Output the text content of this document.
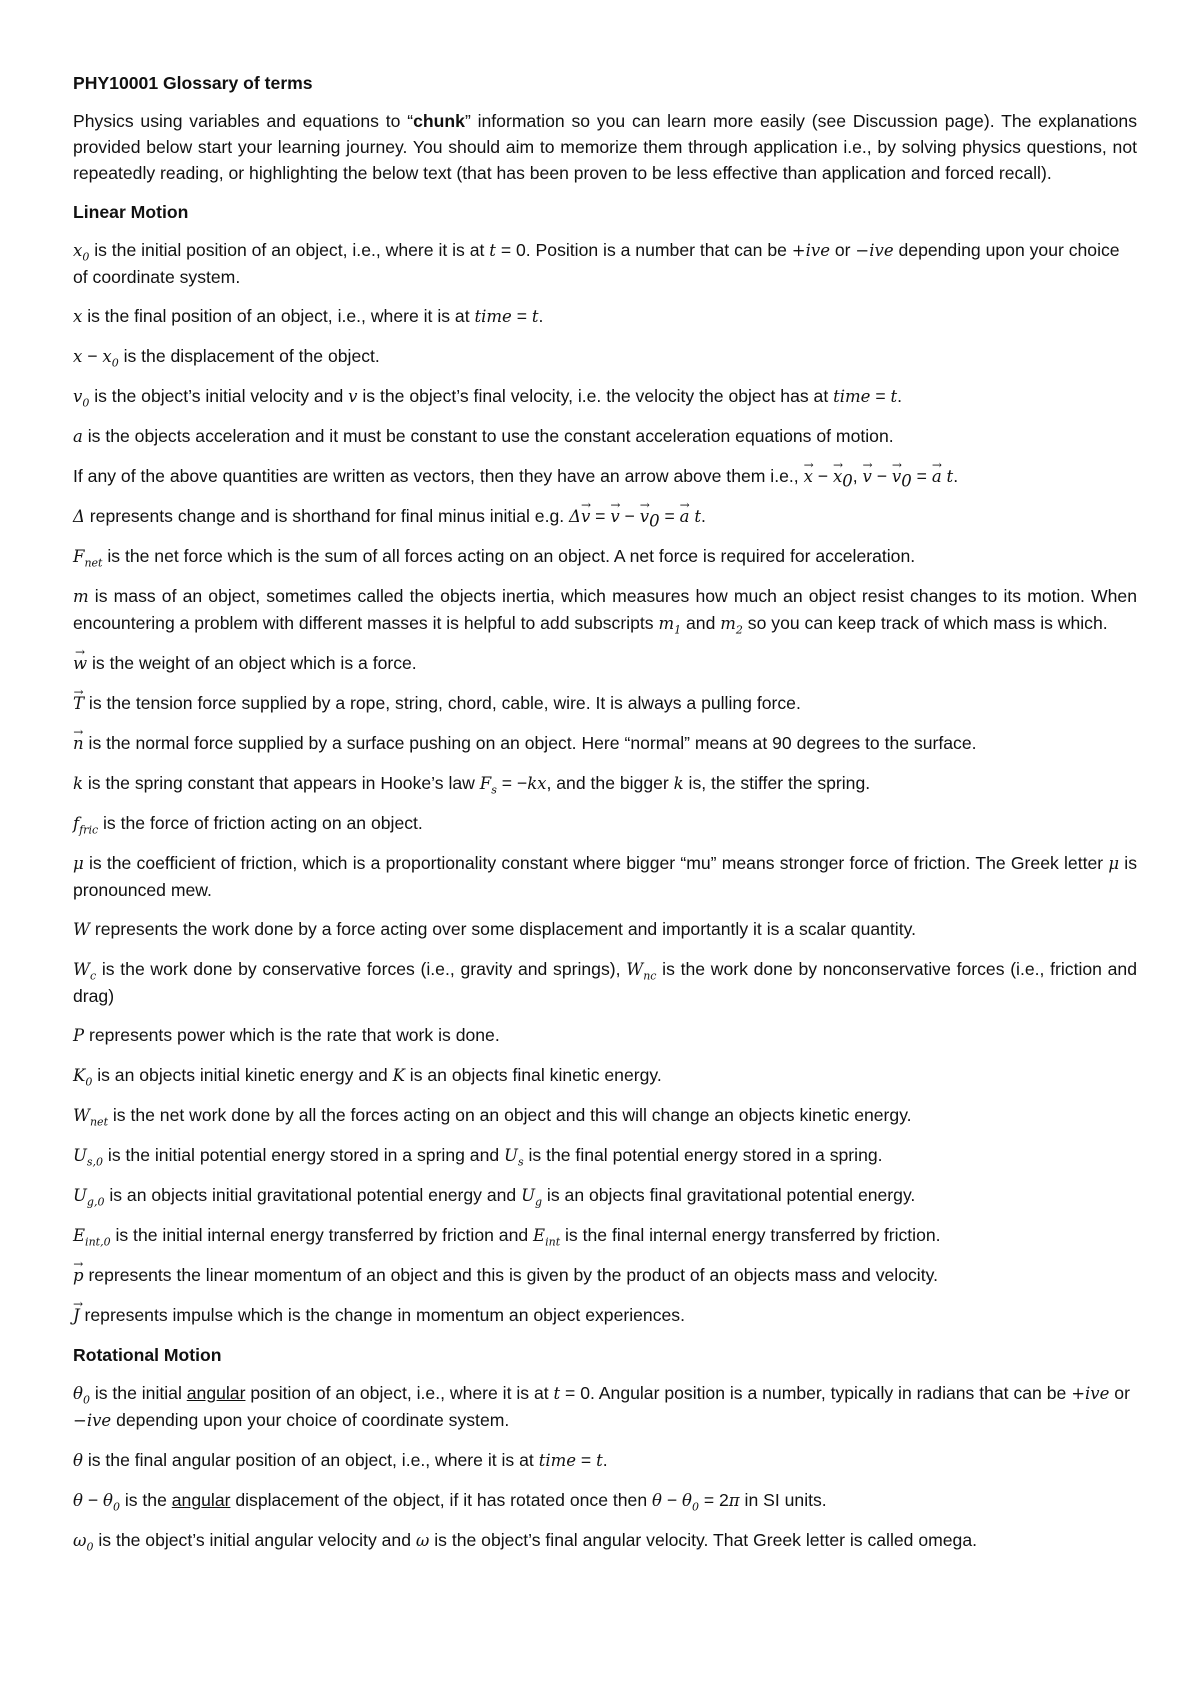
PHY10001 Glossary of terms

Physics using variables and equations to “chunk” information so you can learn more easily (see Discussion page). The explanations provided below start your learning journey. You should aim to memorize them through application i.e., by solving physics questions, not repeatedly reading, or highlighting the below text (that has been proven to be less effective than application and forced recall).

Linear Motion

$x_0$ is the initial position of an object, i.e., where it is at t = 0. Position is a number that can be +ive or −ive depending upon your choice of coordinate system.

x is the final position of an object, i.e., where it is at time = t.

$x - x_0$ is the displacement of the object.

$v_0$ is the object’s initial velocity and v is the object’s final velocity, i.e. the velocity the object has at time = t.

a is the objects acceleration and it must be constant to use the constant acceleration equations of motion.

If any of the above quantities are written as vectors, then they have an arrow above them i.e., → x − → $x_0$, → v − → $v_0$ = → a t.

Δ represents change and is shorthand for final minus initial e.g. Δ→ v = → v − → $v_0$ = → a t.

$F_{net}$ is the net force which is the sum of all forces acting on an object. A net force is required for acceleration.

m is mass of an object, sometimes called the objects inertia, which measures how much an object resist changes to its motion. When encountering a problem with different masses it is helpful to add subscripts $m_1$ and $m_2$ so you can keep track of which mass is which.

→ w is the weight of an object which is a force.

→ T is the tension force supplied by a rope, string, chord, cable, wire. It is always a pulling force.

→ n is the normal force supplied by a surface pushing on an object. Here “normal” means at 90 degrees to the surface.

k is the spring constant that appears in Hooke’s law $F_s = -kx$, and the bigger k is, the stiffer the spring.

$f_{fric}$ is the force of friction acting on an object.

μ is the coefficient of friction, which is a proportionality constant where bigger “mu” means stronger force of friction. The Greek letter μ is pronounced mew.

W represents the work done by a force acting over some displacement and importantly it is a scalar quantity.

$W_c$ is the work done by conservative forces (i.e., gravity and springs), $W_{nc}$ is the work done by nonconservative forces (i.e., friction and drag)

P represents power which is the rate that work is done.

$K_0$ is an objects initial kinetic energy and K is an objects final kinetic energy.

$W_{net}$ is the net work done by all the forces acting on an object and this will change an objects kinetic energy.

$U_{s,0}$ is the initial potential energy stored in a spring and $U_s$ is the final potential energy stored in a spring.

$U_{g,0}$ is an objects initial gravitational potential energy and $U_g$ is an objects final gravitational potential energy.

$E_{int,0}$ is the initial internal energy transferred by friction and $E_{int}$ is the final internal energy transferred by friction.

→ p represents the linear momentum of an object and this is given by the product of an objects mass and velocity.

→ J represents impulse which is the change in momentum an object experiences.

Rotational Motion

$\theta_0$ is the initial angular position of an object, i.e., where it is at t = 0. Angular position is a number, typically in radians that can be +ive or −ive depending upon your choice of coordinate system.

θ is the final angular position of an object, i.e., where it is at time = t.

$\theta - \theta_0$ is the angular displacement of the object, if it has rotated once then $\theta - \theta_0 = 2\pi$ in SI units.

$\omega_0$ is the object’s initial angular velocity and ω is the object’s final angular velocity. That Greek letter is called omega.
